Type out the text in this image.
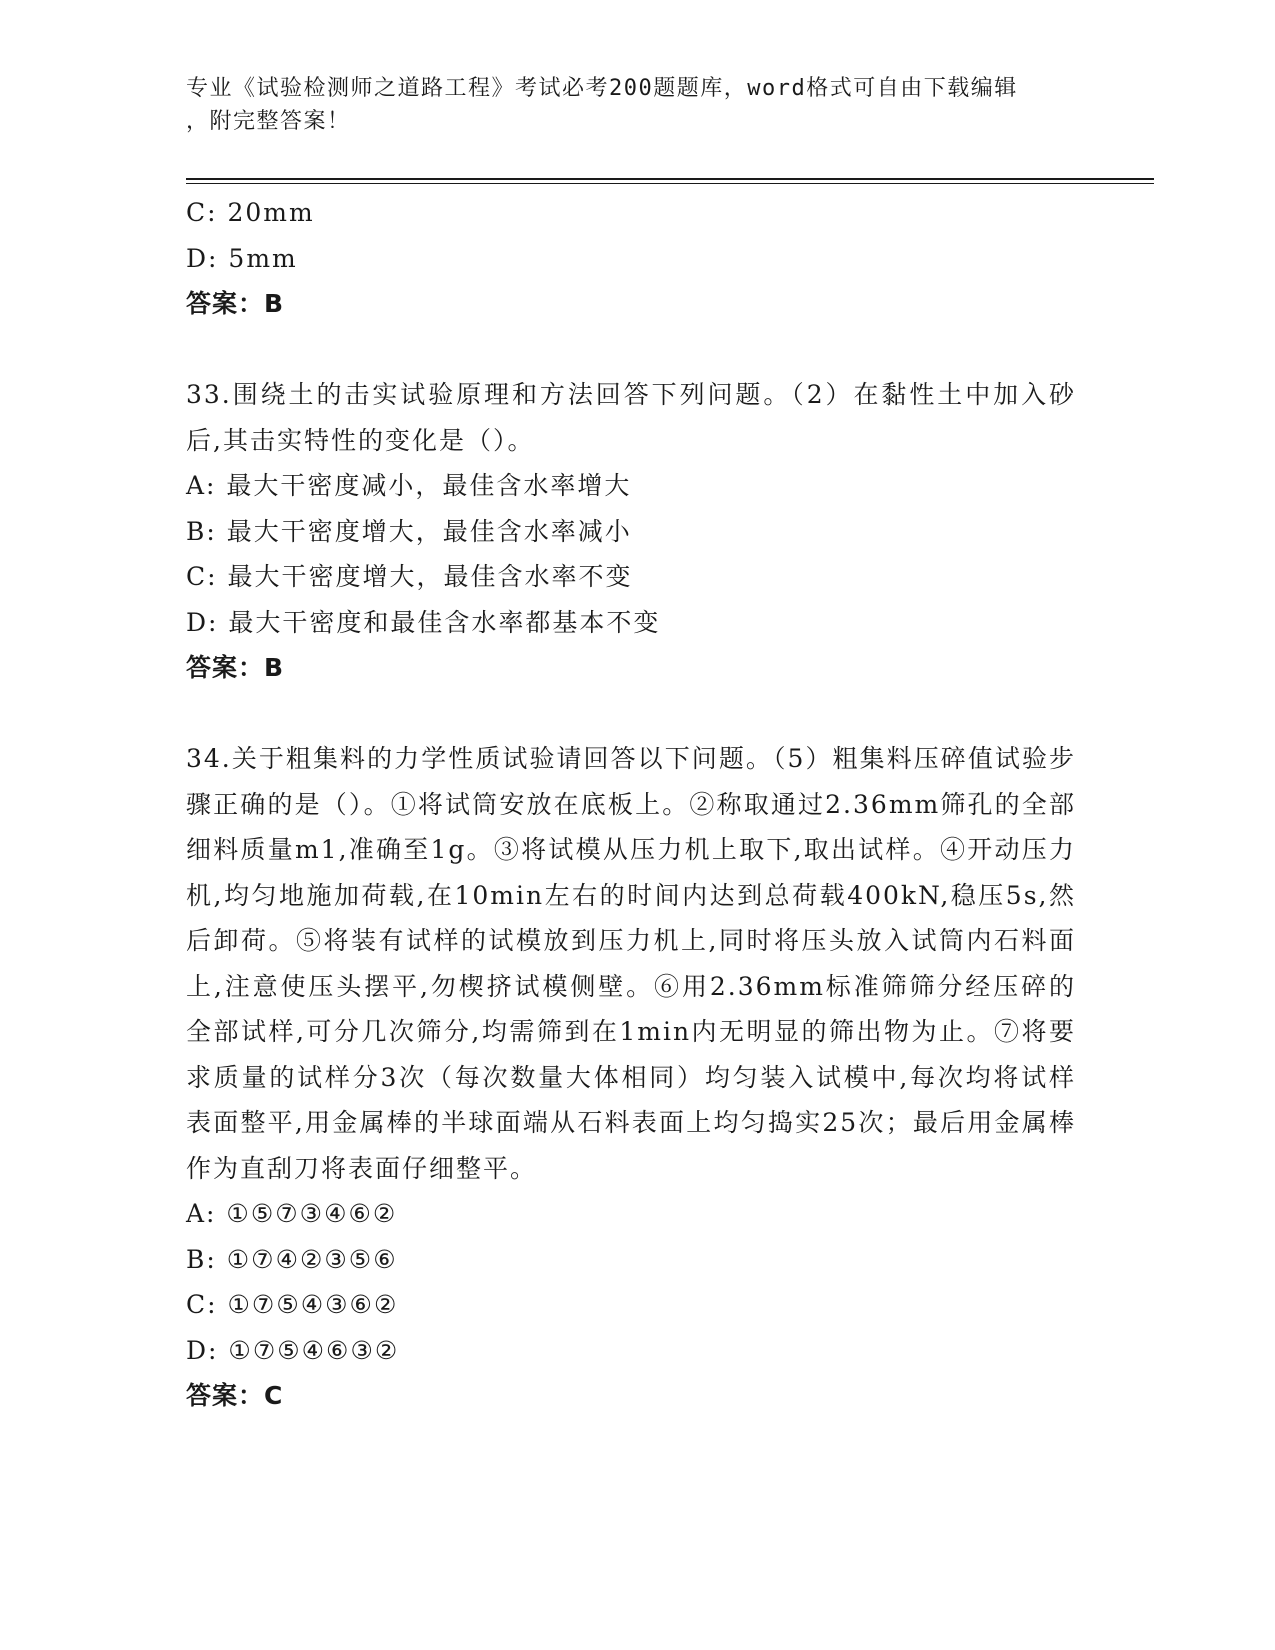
专业《试验检测师之道路工程》考试必考200题题库，word格式可自由下载编辑
，附完整答案！
C: 20mm
D: 5mm
答案：B
33.围绕土的击实试验原理和方法回答下列问题。（2）在黏性土中加入砂后,其击实特性的变化是（）。
A: 最大干密度减小，最佳含水率增大
B: 最大干密度增大，最佳含水率减小
C: 最大干密度增大，最佳含水率不变
D: 最大干密度和最佳含水率都基本不变
答案：B
34.关于粗集料的力学性质试验请回答以下问题。（5）粗集料压碎值试验步骤正确的是（）。①将试筒安放在底板上。②称取通过2.36mm筛孔的全部细料质量m1,准确至1g。③将试模从压力机上取下,取出试样。④开动压力机,均匀地施加荷载,在10min左右的时间内达到总荷载400kN,稳压5s,然后卸荷。⑤将装有试样的试模放到压力机上,同时将压头放入试筒内石料面上,注意使压头摆平,勿楔挤试模侧壁。⑥用2.36mm标准筛筛分经压碎的全部试样,可分几次筛分,均需筛到在1min内无明显的筛出物为止。⑦将要求质量的试样分3次（每次数量大体相同）均匀装入试模中,每次均将试样表面整平,用金属棒的半球面端从石料表面上均匀捣实25次；最后用金属棒作为直刮刀将表面仔细整平。
A: ①⑤⑦③④⑥②
B: ①⑦④②③⑤⑥
C: ①⑦⑤④③⑥②
D: ①⑦⑤④⑥③②
答案：C
